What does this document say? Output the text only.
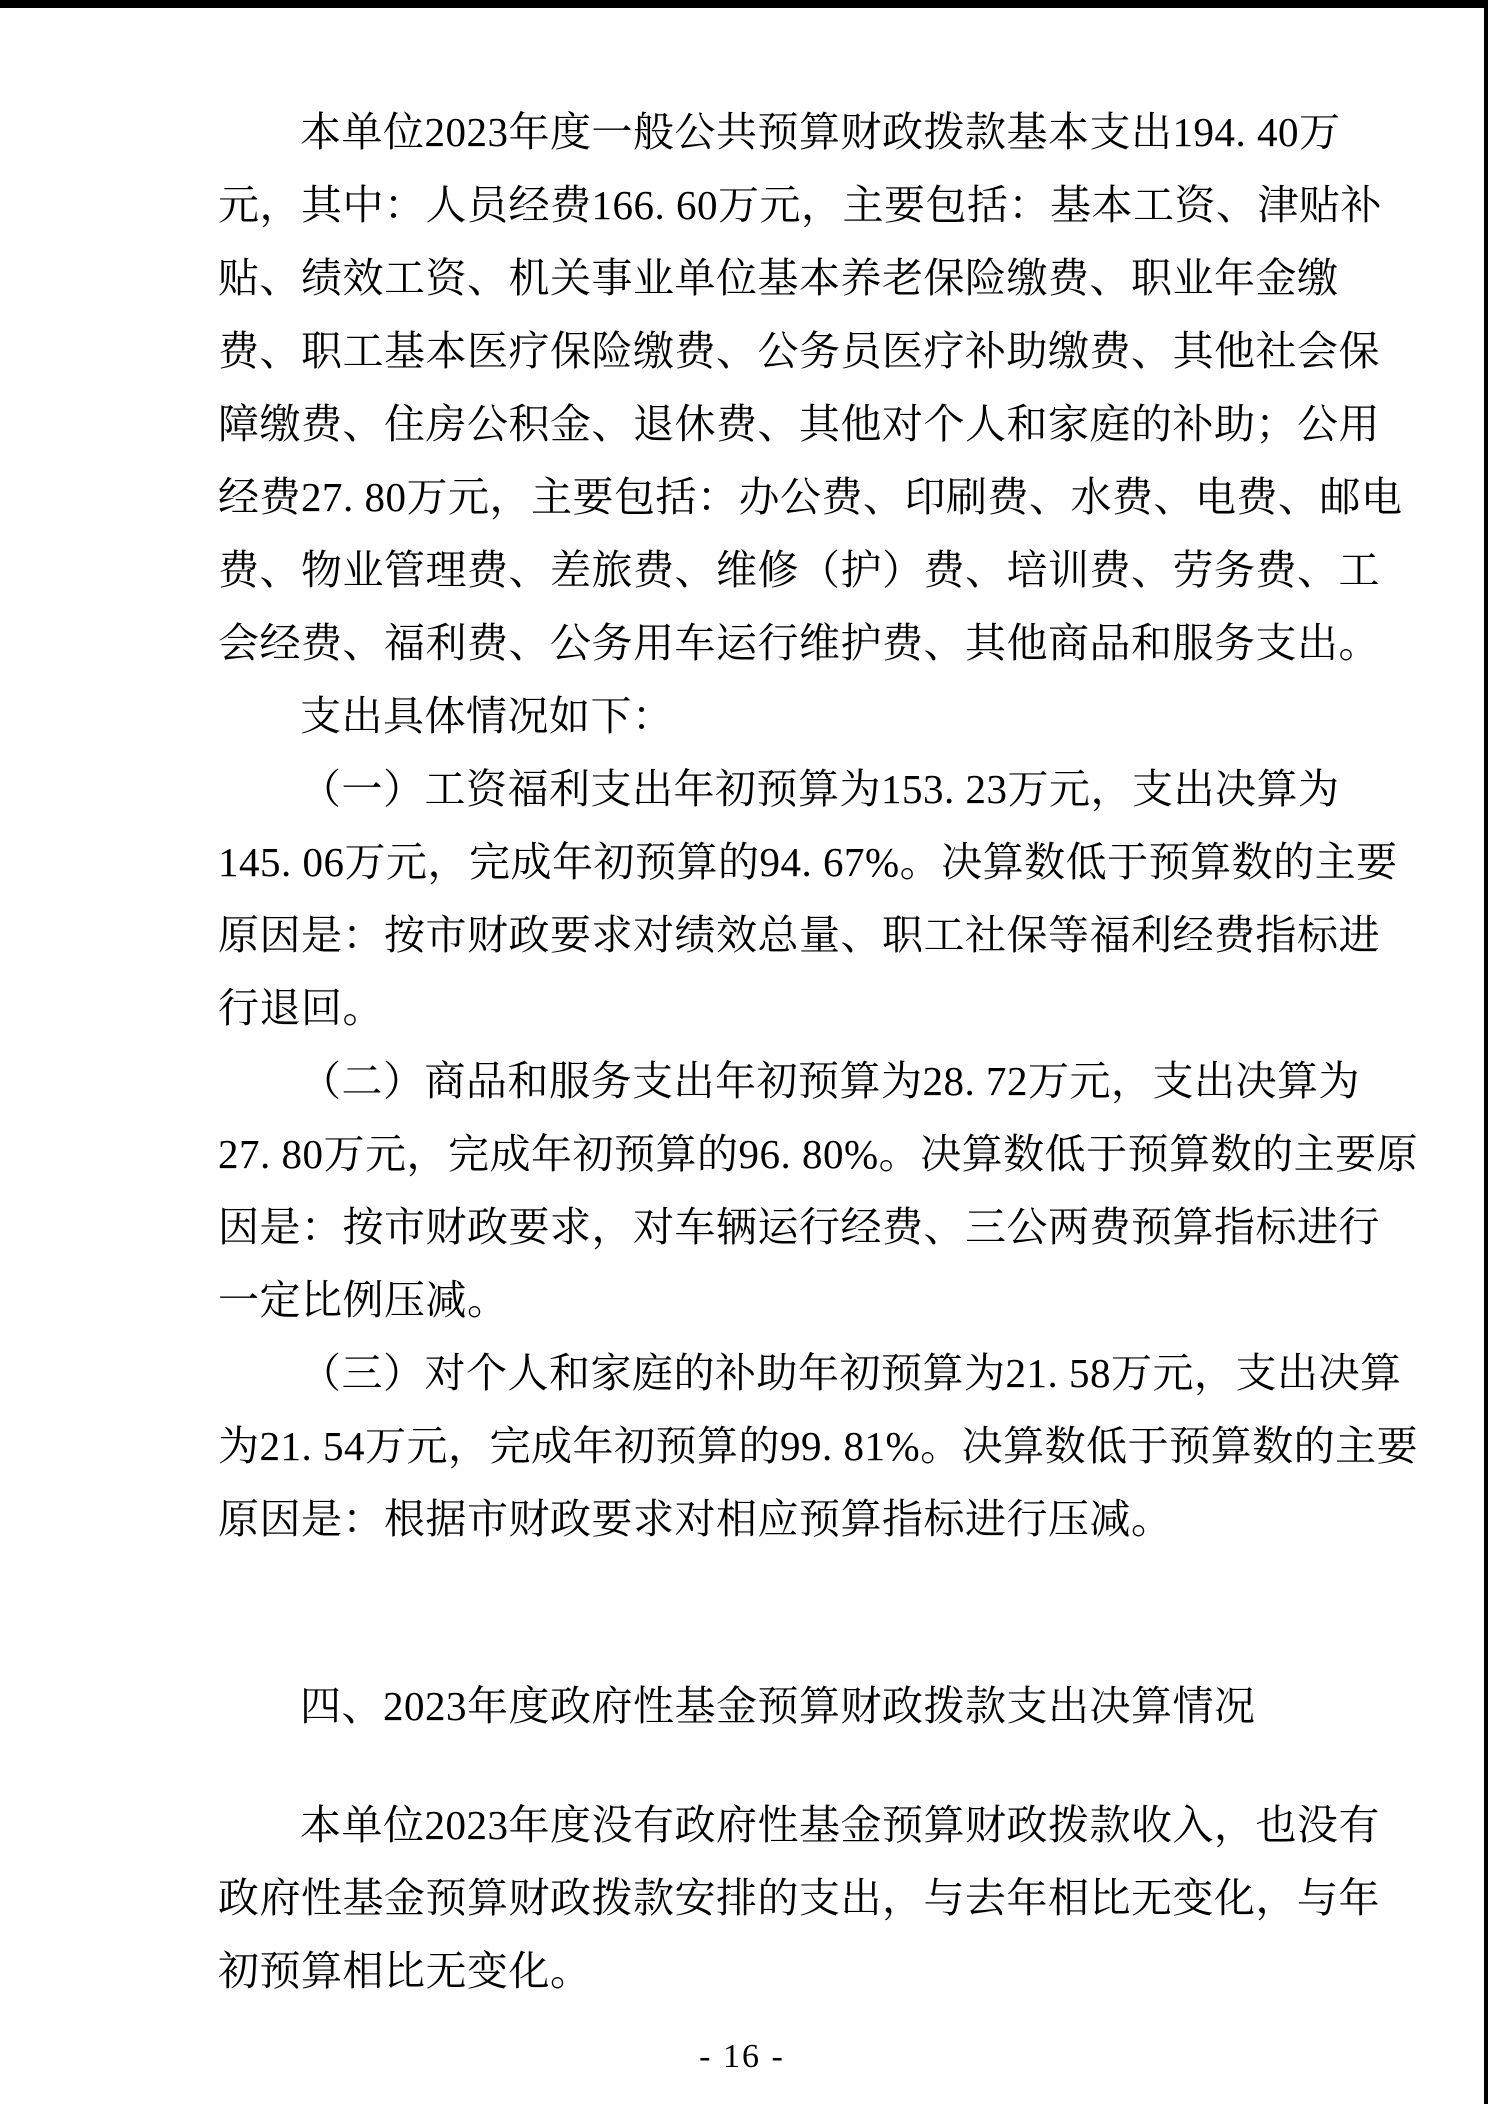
本单位2023年度一般公共预算财政拨款基本支出194. 40万
元，其中：人员经费166. 60万元，主要包括：基本工资、津贴补
贴、绩效工资、机关事业单位基本养老保险缴费、职业年金缴
费、职工基本医疗保险缴费、公务员医疗补助缴费、其他社会保
障缴费、住房公积金、退休费、其他对个人和家庭的补助；公用
经费27. 80万元，主要包括：办公费、印刷费、水费、电费、邮电
费、物业管理费、差旅费、维修（护）费、培训费、劳务费、工
会经费、福利费、公务用车运行维护费、其他商品和服务支出。
支出具体情况如下：
（一）工资福利支出年初预算为153. 23万元，支出决算为
145. 06万元，完成年初预算的94. 67%。决算数低于预算数的主要
原因是：按市财政要求对绩效总量、职工社保等福利经费指标进
行退回。
（二）商品和服务支出年初预算为28. 72万元，支出决算为
27. 80万元，完成年初预算的96. 80%。决算数低于预算数的主要原
因是：按市财政要求，对车辆运行经费、三公两费预算指标进行
一定比例压减。
（三）对个人和家庭的补助年初预算为21. 58万元，支出决算
为21. 54万元，完成年初预算的99. 81%。决算数低于预算数的主要
原因是：根据市财政要求对相应预算指标进行压减。
四、2023年度政府性基金预算财政拨款支出决算情况
本单位2023年度没有政府性基金预算财政拨款收入，也没有
政府性基金预算财政拨款安排的支出，与去年相比无变化，与年
初预算相比无变化。
- 16 -
